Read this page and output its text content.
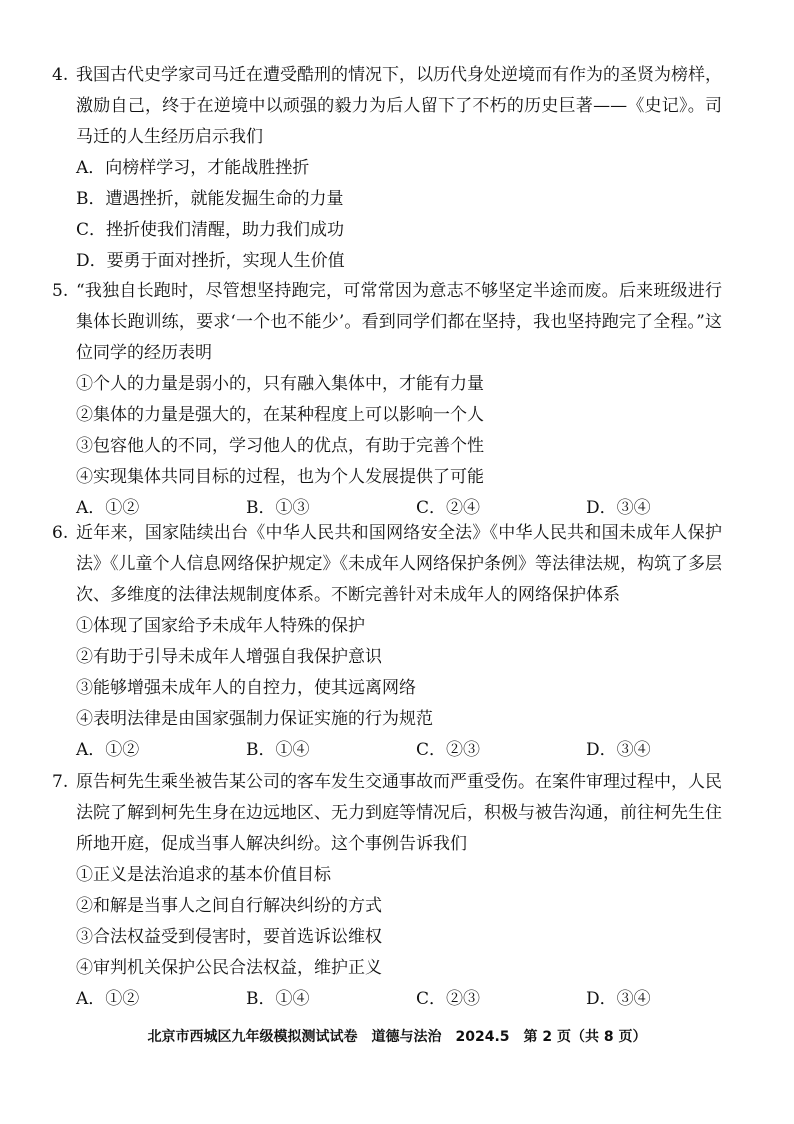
4. 我国古代史学家司马迁在遭受酷刑的情况下，以历代身处逆境而有作为的圣贤为榜样，激励自己，终于在逆境中以顽强的毅力为后人留下了不朽的历史巨著——《史记》。司马迁的人生经历启示我们
A．向榜样学习，才能战胜挫折
B．遭遇挫折，就能发掘生命的力量
C．挫折使我们清醒，助力我们成功
D．要勇于面对挫折，实现人生价值
5. “我独自长跑时，尽管想坚持跑完，可常常因为意志不够坚定半途而废。后来班级进行集体长跑训练，要求‘一个也不能少’。看到同学们都在坚持，我也坚持跑完了全程。”这位同学的经历表明
①个人的力量是弱小的，只有融入集体中，才能有力量
②集体的力量是强大的，在某种程度上可以影响一个人
③包容他人的不同，学习他人的优点，有助于完善个性
④实现集体共同目标的过程，也为个人发展提供了可能
A．①②	B．①③	C．②④	D．③④
6. 近年来，国家陆续出台《中华人民共和国网络安全法》《中华人民共和国未成年人保护法》《儿童个人信息网络保护规定》《未成年人网络保护条例》等法律法规，构筑了多层次、多维度的法律法规制度体系。不断完善针对未成年人的网络保护体系
①体现了国家给予未成年人特殊的保护
②有助于引导未成年人增强自我保护意识
③能够增强未成年人的自控力，使其远离网络
④表明法律是由国家强制力保证实施的行为规范
A．①②	B．①④	C．②③	D．③④
7. 原告柯先生乘坐被告某公司的客车发生交通事故而严重受伤。在案件审理过程中，人民法院了解到柯先生身在边远地区、无力到庭等情况后，积极与被告沟通，前往柯先生住所地开庭，促成当事人解决纠纷。这个事例告诉我们
①正义是法治追求的基本价值目标
②和解是当事人之间自行解决纠纷的方式
③合法权益受到侵害时，要首选诉讼维权
④审判机关保护公民合法权益，维护正义
A．①②	B．①④	C．②③	D．③④
北京市西城区九年级模拟测试试卷　道德与法治　2024.5　第 2 页（共 8 页）
